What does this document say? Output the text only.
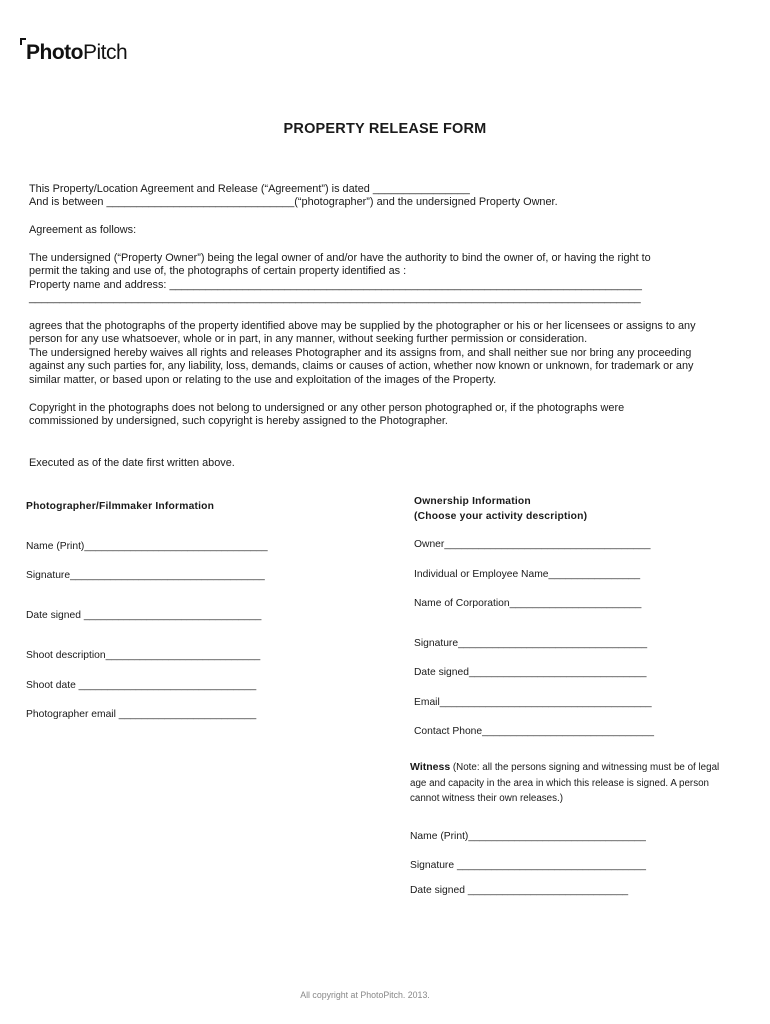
PhotoPitch
PROPERTY RELEASE FORM
This Property/Location Agreement and Release (“Agreement”) is dated ________________
And is between _______________________________(“photographer”) and the undersigned Property Owner.
Agreement as follows:
The undersigned (“Property Owner”) being the legal owner of and/or have the authority to bind the owner of, or having the right to
permit the taking and use of, the photographs of certain property identified as :
Property name and address: ______________________________________________________________________________
_____________________________________________________________________________________________________
agrees that the photographs of the property identified above may be supplied by the photographer or his or her licensees or assigns to any
person for any use whatsoever, whole or in part, in any manner, without seeking further permission or consideration.
The undersigned hereby waives all rights and releases Photographer and its assigns from, and shall neither sue nor bring any proceeding
against any such parties for, any liability, loss, demands, claims or causes of action, whether now known or unknown, for trademark or any
similar matter, or based upon or relating to the use and exploitation of the images of the Property.
Copyright in the photographs does not belong to undersigned or any other person photographed or, if the photographs were
commissioned by undersigned, such copyright is hereby assigned to the Photographer.
Executed as of the date first written above.
Photographer/Filmmaker Information
Name (Print)________________________________
Signature__________________________________
Date signed _______________________________
Shoot description___________________________
Shoot date _______________________________
Photographer email ________________________
Ownership Information
(Choose your activity description)
Owner____________________________________
Individual or Employee Name________________
Name of Corporation_______________________
Signature_________________________________
Date signed_______________________________
Email_____________________________________
Contact Phone______________________________
Witness (Note: all the persons signing and witnessing must be of legal
age and capacity in the area in which this release is signed. A person
cannot witness their own releases.)
Name (Print)_______________________________
Signature _________________________________
Date signed ____________________________
All copyright at PhotoPitch. 2013.
